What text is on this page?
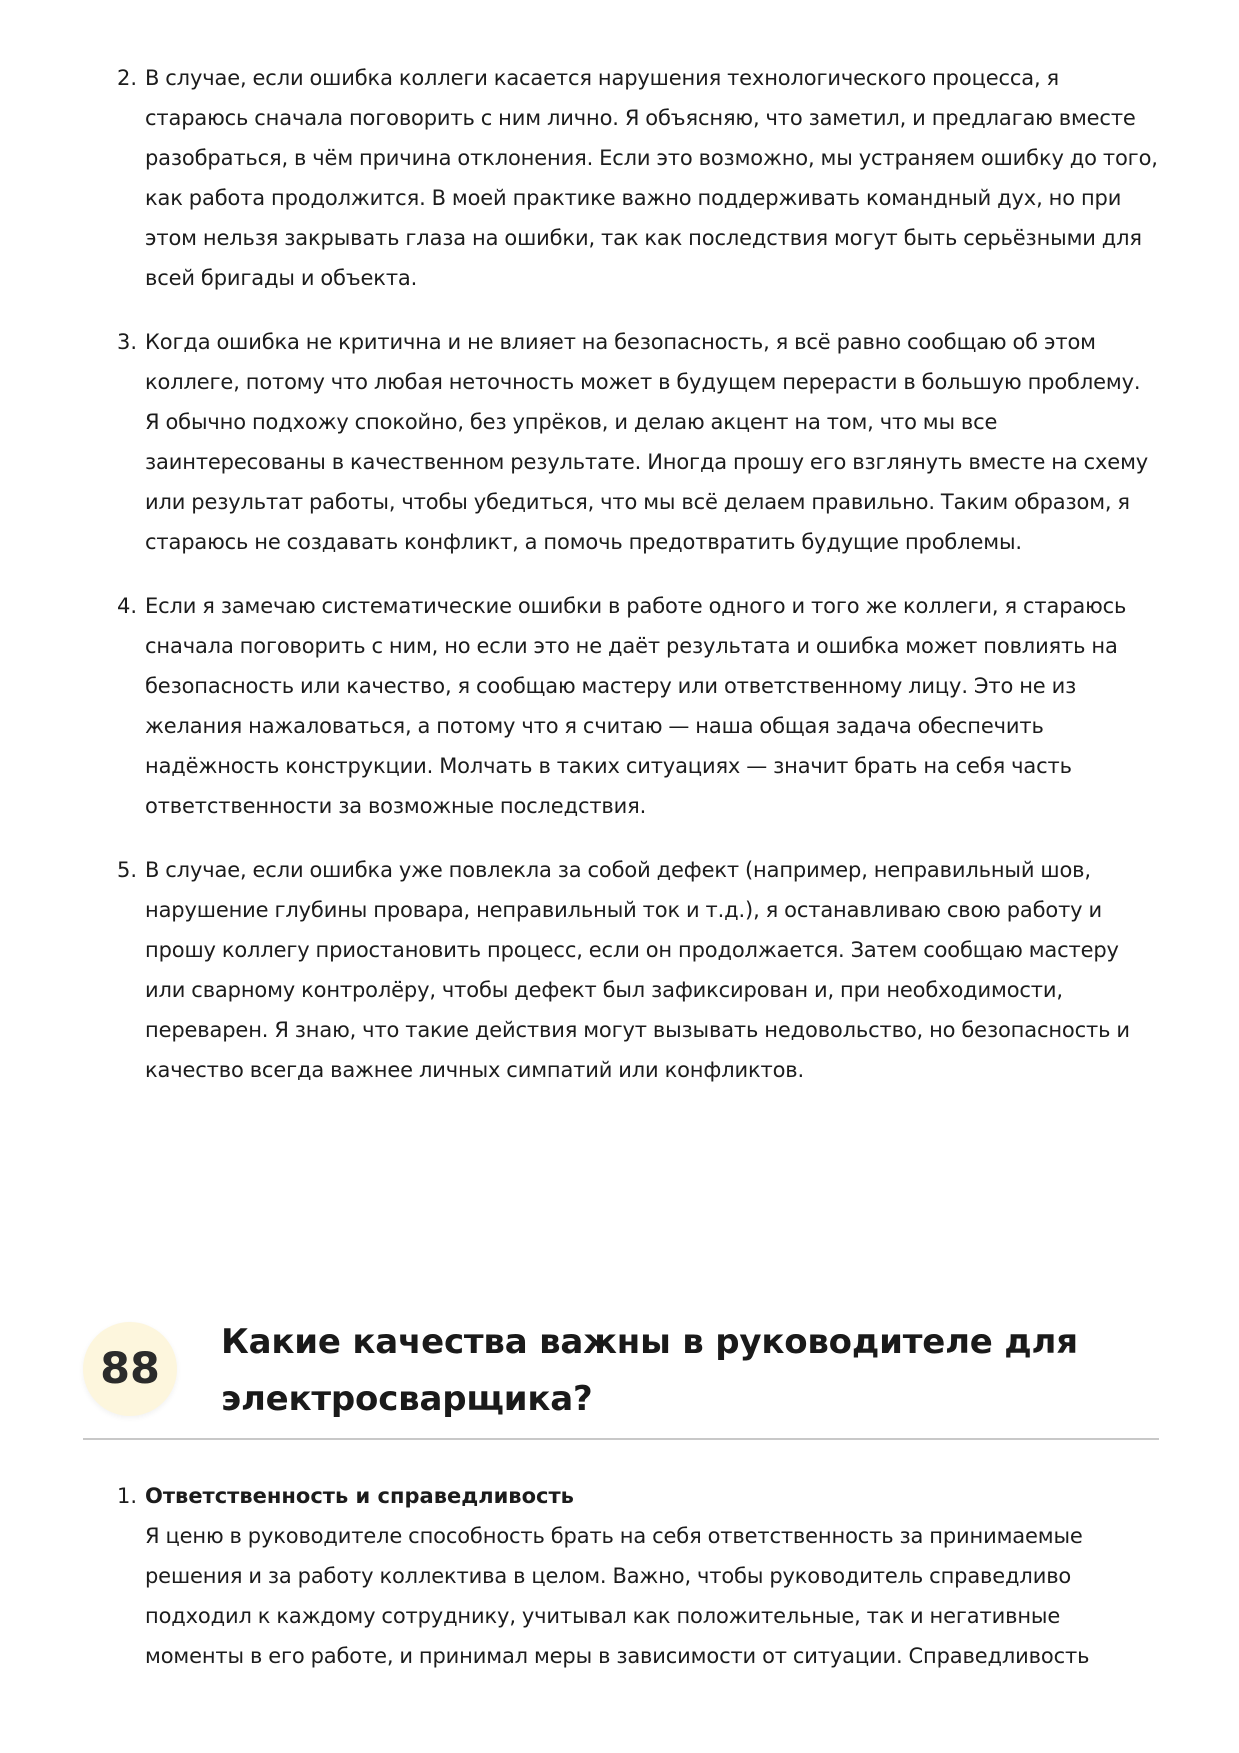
2. В случае, если ошибка коллеги касается нарушения технологического процесса, я стараюсь сначала поговорить с ним лично. Я объясняю, что заметил, и предлагаю вместе разобраться, в чём причина отклонения. Если это возможно, мы устраняем ошибку до того, как работа продолжится. В моей практике важно поддерживать командный дух, но при этом нельзя закрывать глаза на ошибки, так как последствия могут быть серьёзными для всей бригады и объекта.
3. Когда ошибка не критична и не влияет на безопасность, я всё равно сообщаю об этом коллеге, потому что любая неточность может в будущем перерасти в большую проблему. Я обычно подхожу спокойно, без упрёков, и делаю акцент на том, что мы все заинтересованы в качественном результате. Иногда прошу его взглянуть вместе на схему или результат работы, чтобы убедиться, что мы всё делаем правильно. Таким образом, я стараюсь не создавать конфликт, а помочь предотвратить будущие проблемы.
4. Если я замечаю систематические ошибки в работе одного и того же коллеги, я стараюсь сначала поговорить с ним, но если это не даёт результата и ошибка может повлиять на безопасность или качество, я сообщаю мастеру или ответственному лицу. Это не из желания нажаловаться, а потому что я считаю — наша общая задача обеспечить надёжность конструкции. Молчать в таких ситуациях — значит брать на себя часть ответственности за возможные последствия.
5. В случае, если ошибка уже повлекла за собой дефект (например, неправильный шов, нарушение глубины провара, неправильный ток и т.д.), я останавливаю свою работу и прошу коллегу приостановить процесс, если он продолжается. Затем сообщаю мастеру или сварному контролёру, чтобы дефект был зафиксирован и, при необходимости, переварен. Я знаю, что такие действия могут вызывать недовольство, но безопасность и качество всегда важнее личных симпатий или конфликтов.
88
Какие качества важны в руководителе для электросварщика?
1. Ответственность и справедливость
Я ценю в руководителе способность брать на себя ответственность за принимаемые решения и за работу коллектива в целом. Важно, чтобы руководитель справедливо подходил к каждому сотруднику, учитывал как положительные, так и негативные моменты в его работе, и принимал меры в зависимости от ситуации. Справедливость
